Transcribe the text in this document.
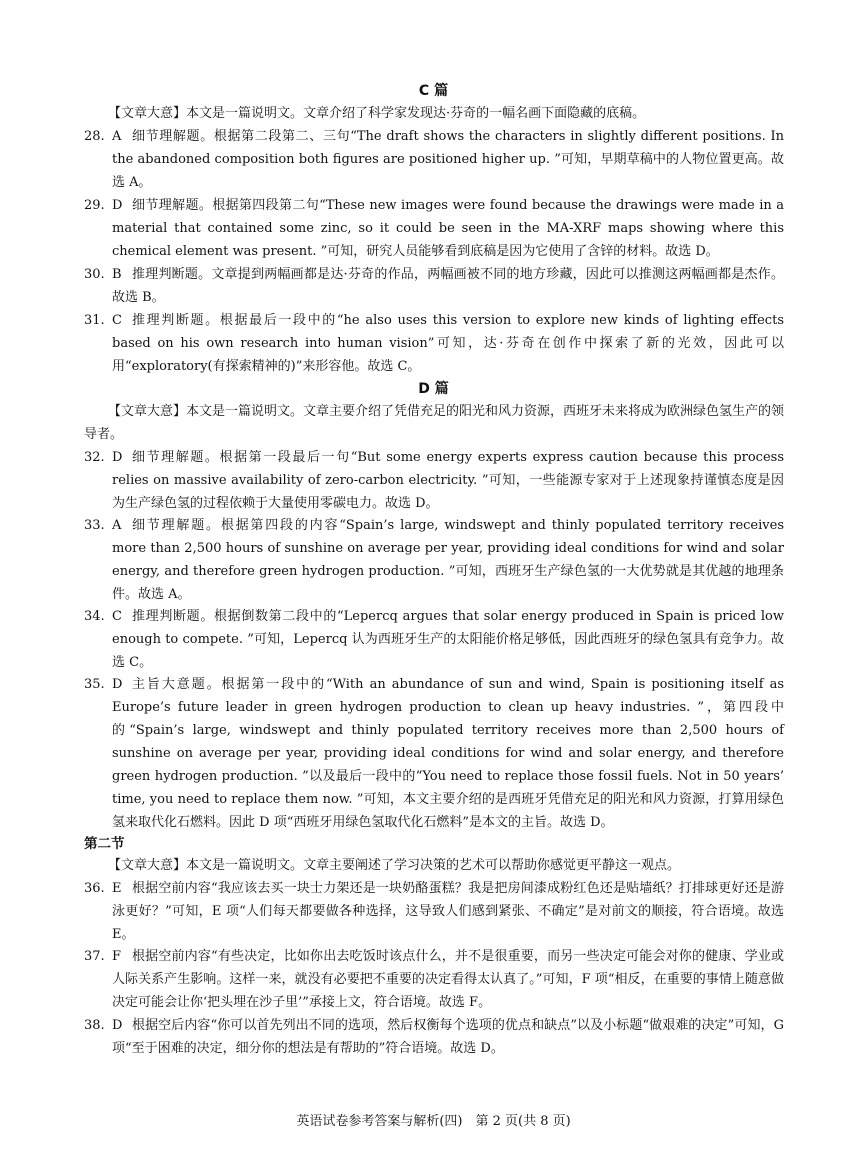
C 篇
【文章大意】本文是一篇说明文。文章介绍了科学家发现达·芬奇的一幅名画下面隐藏的底稿。
28. A 细节理解题。根据第二段第二、三句“The draft shows the characters in slightly different positions. In the abandoned composition both figures are positioned higher up. ”可知，早期草稿中的人物位置更高。故选 A。
29. D 细节理解题。根据第四段第二句“These new images were found because the drawings were made in a material that contained some zinc, so it could be seen in the MA-XRF maps showing where this chemical element was present. ”可知，研究人员能够看到底稿是因为它使用了含锌的材料。故选 D。
30. B 推理判断题。文章提到两幅画都是达·芬奇的作品，两幅画被不同的地方珍藏，因此可以推测这两幅画都是杰作。故选 B。
31. C 推理判断题。根据最后一段中的“he also uses this version to explore new kinds of lighting effects based on his own research into human vision”可知，达·芬奇在创作中探索了新的光效，因此可以用“exploratory(有探索精神的)”来形容他。故选 C。
D 篇
【文章大意】本文是一篇说明文。文章主要介绍了凭借充足的阳光和风力资源，西班牙未来将成为欧洲绿色氢生产的领导者。
32. D 细节理解题。根据第一段最后一句“But some energy experts express caution because this process relies on massive availability of zero-carbon electricity. ”可知，一些能源专家对于上述现象持谨慎态度是因为生产绿色氢的过程依赖于大量使用零碳电力。故选 D。
33. A 细节理解题。根据第四段的内容“Spain’s large, windswept and thinly populated territory receives more than 2,500 hours of sunshine on average per year, providing ideal conditions for wind and solar energy, and therefore green hydrogen production. ”可知，西班牙生产绿色氢的一大优势就是其优越的地理条件。故选 A。
34. C 推理判断题。根据倒数第二段中的“Lepercq argues that solar energy produced in Spain is priced low enough to compete. ”可知，Lepercq 认为西班牙生产的太阳能价格足够低，因此西班牙的绿色氢具有竞争力。故选 C。
35. D 主旨大意题。根据第一段中的“With an abundance of sun and wind, Spain is positioning itself as Europe’s future leader in green hydrogen production to clean up heavy industries. ”，第四段中的“Spain’s large, windswept and thinly populated territory receives more than 2,500 hours of sunshine on average per year, providing ideal conditions for wind and solar energy, and therefore green hydrogen production. ”以及最后一段中的“You need to replace those fossil fuels. Not in 50 years’ time, you need to replace them now. ”可知，本文主要介绍的是西班牙凭借充足的阳光和风力资源，打算用绿色氢来取代化石燃料。因此 D 项“西班牙用绿色氢取代化石燃料”是本文的主旨。故选 D。
第二节
【文章大意】本文是一篇说明文。文章主要阐述了学习决策的艺术可以帮助你感觉更平静这一观点。
36. E 根据空前内容“我应该去买一块士力架还是一块奶酪蛋糕？我是把房间漆成粉红色还是贴墙纸？打排球更好还是游泳更好？”可知，E 项“人们每天都要做各种选择，这导致人们感到紧张、不确定”是对前文的顺接，符合语境。故选 E。
37. F 根据空前内容“有些决定，比如你出去吃饭时该点什么，并不是很重要，而另一些决定可能会对你的健康、学业或人际关系产生影响。这样一来，就没有必要把不重要的决定看得太认真了。”可知，F 项“相反，在重要的事情上随意做决定可能会让你‘把头埋在沙子里’”承接上文，符合语境。故选 F。
38. D 根据空后内容“你可以首先列出不同的选项，然后权衡每个选项的优点和缺点”以及小标题“做艰难的决定”可知，G 项“至于困难的决定，细分你的想法是有帮助的”符合语境。故选 D。
英语试卷参考答案与解析(四)　第 2 页(共 8 页)
